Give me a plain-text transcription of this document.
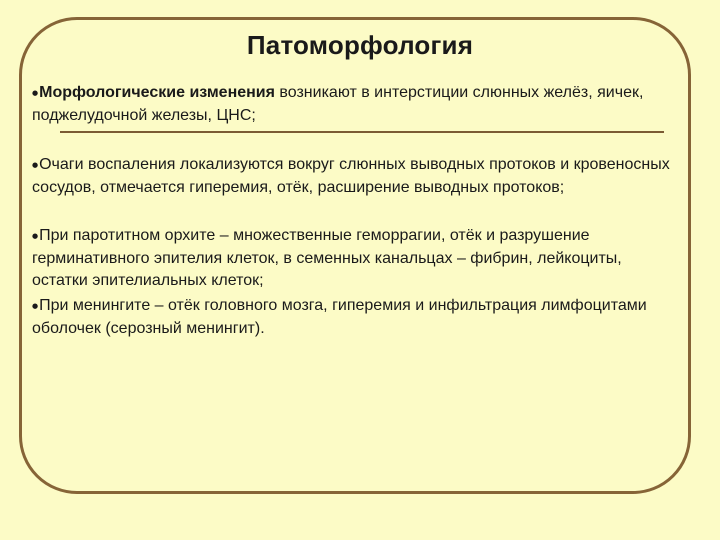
Патоморфология

●Морфологические изменения возникают в интерстиции слюнных желёз, яичек, поджелудочной железы, ЦНС;

●Очаги воспаления локализуются вокруг слюнных выводных протоков и кровеносных сосудов, отмечается гиперемия, отёк, расширение выводных протоков;

●При паротитном орхите – множественные геморрагии, отёк и разрушение герминативного эпителия клеток, в семенных канальцах – фибрин, лейкоциты, остатки эпителиальных клеток;

●При менингите – отёк головного мозга, гиперемия и инфильтрация лимфоцитами оболочек (серозный менингит).
